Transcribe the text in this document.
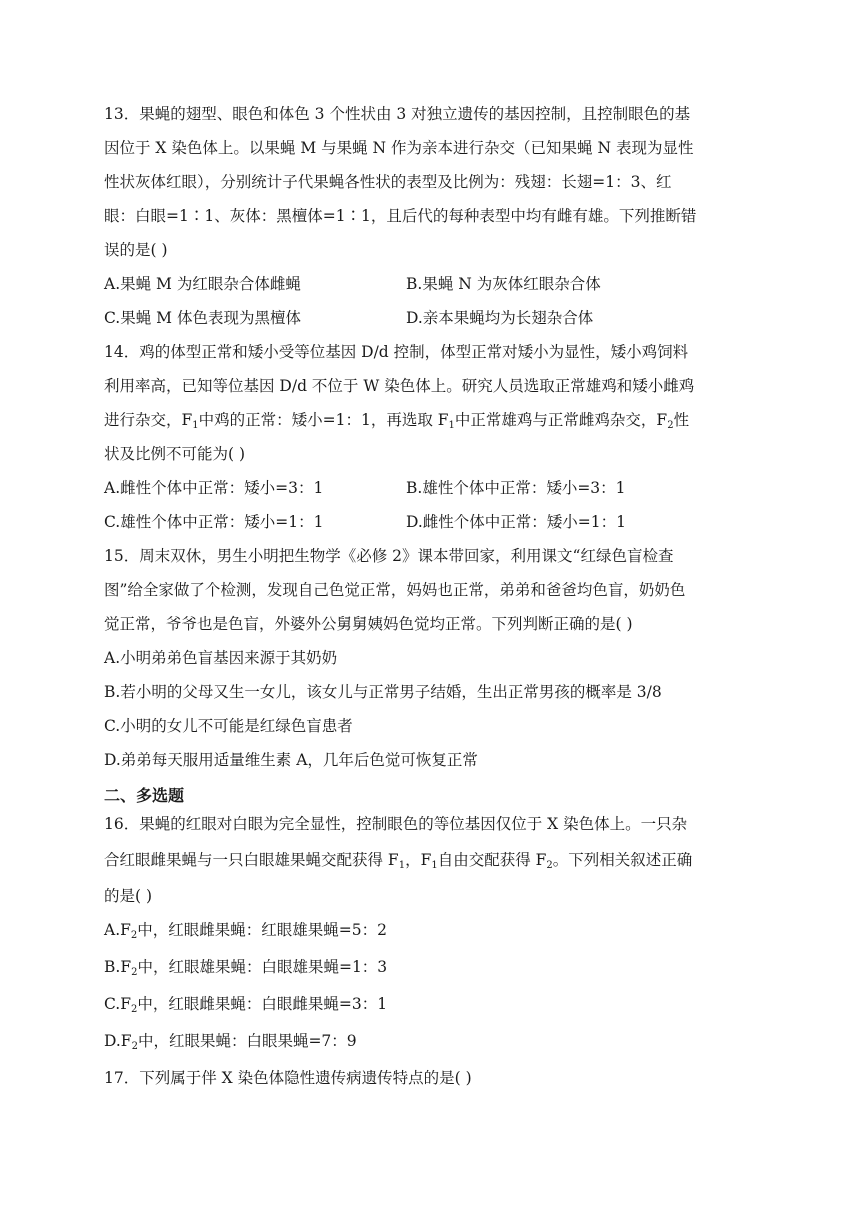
13．果蝇的翅型、眼色和体色 3 个性状由 3 对独立遗传的基因控制，且控制眼色的基
因位于 X 染色体上。以果蝇 M 与果蝇 N 作为亲本进行杂交（已知果蝇 N 表现为显性
性状灰体红眼），分别统计子代果蝇各性状的表型及比例为：残翅：长翅=1：3、红
眼：白眼=1∶1、灰体：黑檀体=1∶1，且后代的每种表型中均有雌有雄。下列推断错
误的是( )
A.果蝇 M 为红眼杂合体雌蝇	B.果蝇 N 为灰体红眼杂合体
C.果蝇 M 体色表现为黑檀体	D.亲本果蝇均为长翅杂合体
14．鸡的体型正常和矮小受等位基因 D/d 控制，体型正常对矮小为显性，矮小鸡饲料
利用率高，已知等位基因 D/d 不位于 W 染色体上。研究人员选取正常雄鸡和矮小雌鸡
进行杂交，$F_1$中鸡的正常：矮小=1：1，再选取 $F_1$中正常雄鸡与正常雌鸡杂交，$F_2$性
状及比例不可能为( )
A.雌性个体中正常：矮小=3：1	B.雄性个体中正常：矮小=3：1
C.雄性个体中正常：矮小=1：1	D.雌性个体中正常：矮小=1：1
15．周末双休，男生小明把生物学《必修 2》课本带回家，利用课文“红绿色盲检查
图”给全家做了个检测，发现自己色觉正常，妈妈也正常，弟弟和爸爸均色盲，奶奶色
觉正常，爷爷也是色盲，外婆外公舅舅姨妈色觉均正常。下列判断正确的是( )
A.小明弟弟色盲基因来源于其奶奶
B.若小明的父母又生一女儿，该女儿与正常男子结婚，生出正常男孩的概率是 3/8
C.小明的女儿不可能是红绿色盲患者
D.弟弟每天服用适量维生素 A，几年后色觉可恢复正常
二、多选题
16．果蝇的红眼对白眼为完全显性，控制眼色的等位基因仅位于 X 染色体上。一只杂
合红眼雌果蝇与一只白眼雄果蝇交配获得 $F_1$，$F_1$自由交配获得 $F_2$。下列相关叙述正确
的是( )
$A.F_2$中，红眼雌果蝇：红眼雄果蝇=5：2
$B.F_2$中，红眼雄果蝇：白眼雄果蝇=1：3
$C.F_2$中，红眼雌果蝇：白眼雌果蝇=3：1
$D.F_2$中，红眼果蝇：白眼果蝇=7：9
17．下列属于伴 X 染色体隐性遗传病遗传特点的是( )
